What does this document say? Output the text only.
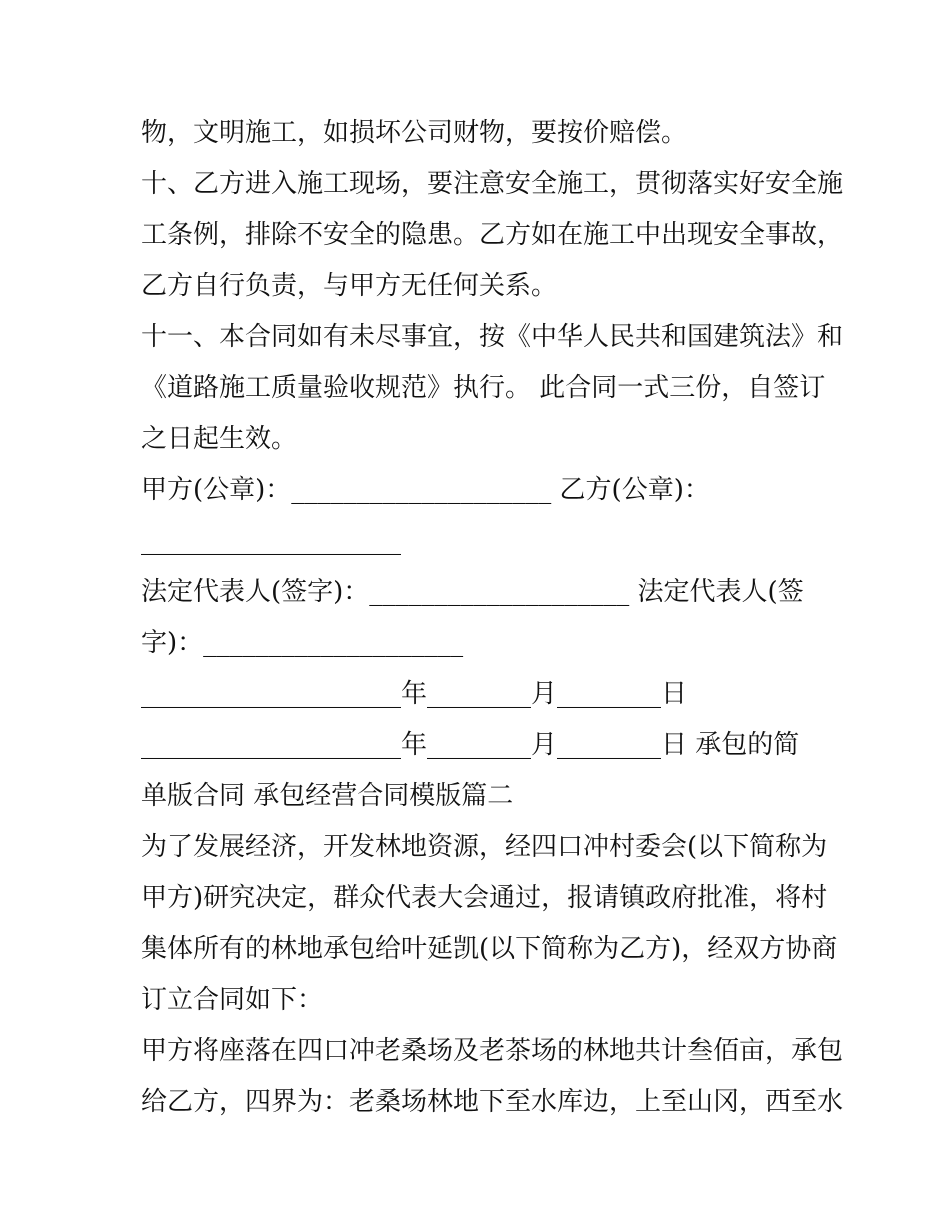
物，文明施工，如损坏公司财物，要按价赔偿。
十、乙方进入施工现场，要注意安全施工，贯彻落实好安全施
工条例，排除不安全的隐患。乙方如在施工中出现安全事故，
乙方自行负责，与甲方无任何关系。
十一、本合同如有未尽事宜，按《中华人民共和国建筑法》和
《道路施工质量验收规范》执行。 此合同一式三份，自签订
之日起生效。
甲方(公章)：____________________ 乙方(公章)：
____________________
法定代表人(签字)：____________________ 法定代表人(签
字)：____________________
____________________年________月________日
____________________年________月________日 承包的简
单版合同 承包经营合同模版篇二
为了发展经济，开发林地资源，经四口冲村委会(以下简称为
甲方)研究决定，群众代表大会通过，报请镇政府批准，将村
集体所有的林地承包给叶延凯(以下简称为乙方)，经双方协商
订立合同如下：
甲方将座落在四口冲老桑场及老茶场的林地共计叁佰亩，承包
给乙方，四界为：老桑场林地下至水库边，上至山冈，西至水
